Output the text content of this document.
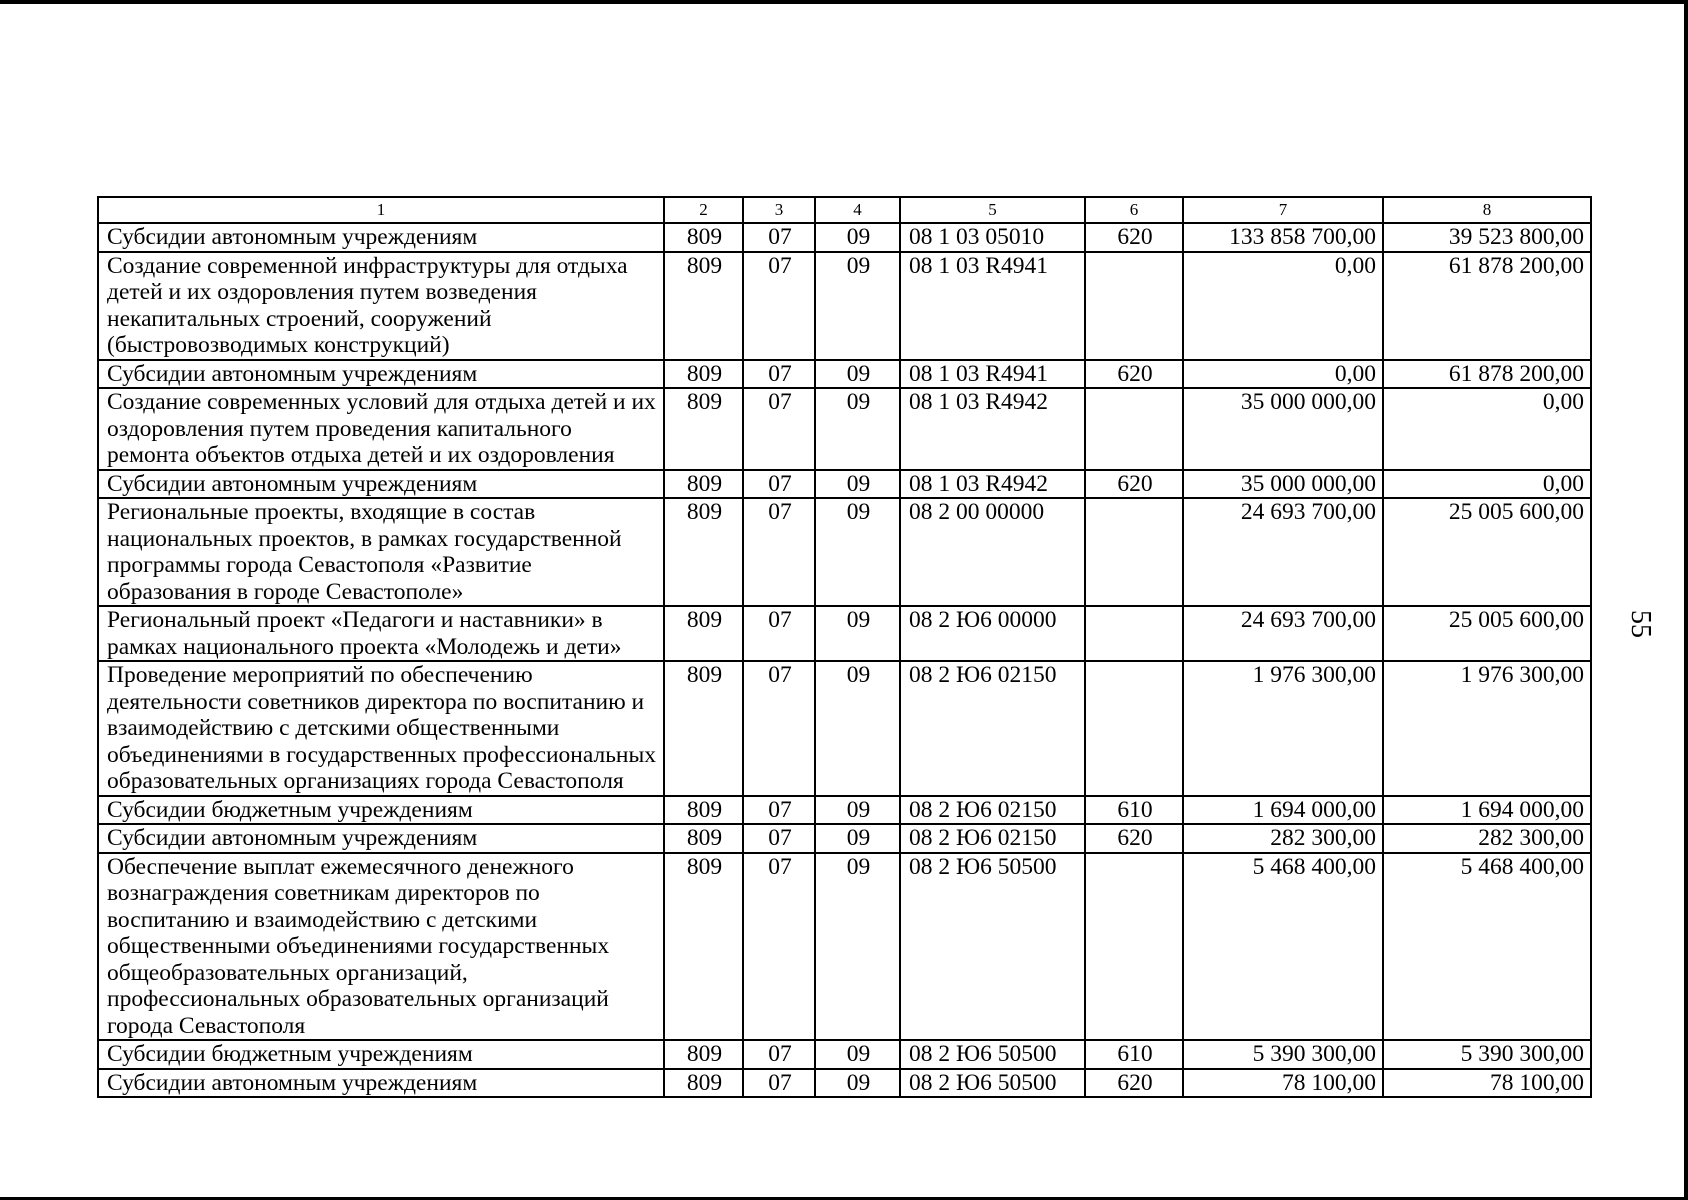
1	2	3	4	5	6	7	8
Субсидии автономным учреждениям	809	07	09	08 1 03 05010	620	133 858 700,00	39 523 800,00
Создание современной инфраструктуры для отдыха детей и их оздоровления путем возведения некапитальных строений, сооружений (быстровозводимых конструкций)	809	07	09	08 1 03 R4941		0,00	61 878 200,00
Субсидии автономным учреждениям	809	07	09	08 1 03 R4941	620	0,00	61 878 200,00
Создание современных условий для отдыха детей и их оздоровления путем проведения капитального ремонта объектов отдыха детей и их оздоровления	809	07	09	08 1 03 R4942		35 000 000,00	0,00
Субсидии автономным учреждениям	809	07	09	08 1 03 R4942	620	35 000 000,00	0,00
Региональные проекты, входящие в состав национальных проектов, в рамках государственной программы города Севастополя «Развитие образования в городе Севастополе»	809	07	09	08 2 00 00000		24 693 700,00	25 005 600,00
Региональный проект «Педагоги и наставники» в рамках национального проекта «Молодежь и дети»	809	07	09	08 2 Ю6 00000		24 693 700,00	25 005 600,00
Проведение мероприятий по обеспечению деятельности советников директора по воспитанию и взаимодействию с детскими общественными объединениями в государственных профессиональных образовательных организациях города Севастополя	809	07	09	08 2 Ю6 02150		1 976 300,00	1 976 300,00
Субсидии бюджетным учреждениям	809	07	09	08 2 Ю6 02150	610	1 694 000,00	1 694 000,00
Субсидии автономным учреждениям	809	07	09	08 2 Ю6 02150	620	282 300,00	282 300,00
Обеспечение выплат ежемесячного денежного вознаграждения советникам директоров по воспитанию и взаимодействию с детскими общественными объединениями государственных общеобразовательных организаций, профессиональных образовательных организаций города Севастополя	809	07	09	08 2 Ю6 50500		5 468 400,00	5 468 400,00
Субсидии бюджетным учреждениям	809	07	09	08 2 Ю6 50500	610	5 390 300,00	5 390 300,00
Субсидии автономным учреждениям	809	07	09	08 2 Ю6 50500	620	78 100,00	78 100,00
55
